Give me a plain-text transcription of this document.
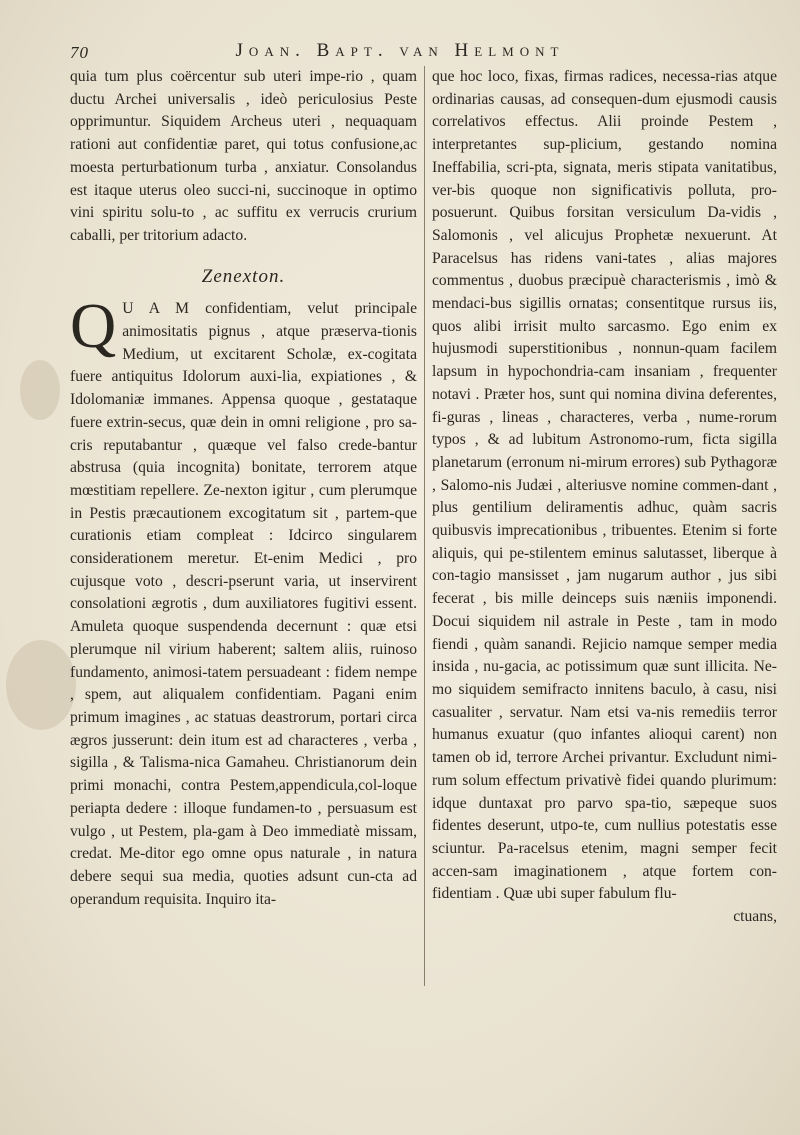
70	Joan. Bapt. van Helmont

quia tum plus coërcentur sub uteri impe-rio , quam ductu Archei universalis , ideò periculosius Peste opprimuntur. Siquidem Archeus uteri , nequaquam rationi aut confidentiæ paret, qui totus confusione,ac moesta perturbationum turba , anxiatur. Consolandus est itaque uterus oleo succi-ni, succinoque in optimo vini spiritu solu-to , ac suffitu ex verrucis crurium caballi, per tritorium adacto.

Zenexton.

Q U A M confidentiam, velut principale animositatis pignus , atque præserva-tionis Medium, ut excitarent Scholæ, ex-cogitata fuere antiquitus Idolorum auxi-lia, expiationes , & Idolomaniæ immanes. Appensa quoque , gestataque fuere extrin-secus, quæ dein in omni religione , pro sa-cris reputabantur , quæque vel falso crede-bantur abstrusa (quia incognita) bonitate, terrorem atque mœstitiam repellere. Ze-nexton igitur , cum plerumque in Pestis præcautionem excogitatum sit , partem-que curationis etiam compleat : Idcirco singularem considerationem meretur. Et-enim Medici , pro cujusque voto , descri-pserunt varia, ut inservirent consolationi ægrotis , dum auxiliatores fugitivi essent. Amuleta quoque suspendenda decernunt : quæ etsi plerumque nil virium haberent; saltem aliis, ruinoso fundamento, animosi-tatem persuadeant : fidem nempe , spem, aut aliqualem confidentiam. Pagani enim primum imagines , ac statuas deastrorum, portari circa ægros jusserunt: dein itum est ad characteres , verba , sigilla , & Talisma-nica Gamaheu. Christianorum dein primi monachi, contra Pestem,appendicula,col-loque periapta dedere : illoque fundamen-to , persuasum est vulgo , ut Pestem, pla-gam à Deo immediatè missam, credat. Me-ditor ego omne opus naturale , in natura debere sequi sua media, quoties adsunt cun-cta ad operandum requisita. Inquiro ita-

que hoc loco, fixas, firmas radices, necessa-rias atque ordinarias causas, ad consequen-dum ejusmodi causis correlativos effectus. Alii proinde Pestem , interpretantes sup-plicium, gestando nomina Ineffabilia, scri-pta, signata, meris stipata vanitatibus, ver-bis quoque non significativis polluta, pro-posuerunt. Quibus forsitan versiculum Da-vidis , Salomonis , vel alicujus Prophetæ nexuerunt. At Paracelsus has ridens vani-tates , alias majores commentus , duobus præcipuè characterismis , imò & mendaci-bus sigillis ornatas; consentitque rursus iis, quos alibi irrisit multo sarcasmo. Ego enim ex hujusmodi superstitionibus , nonnun-quam facilem lapsum in hypochondria-cam insaniam , frequenter notavi . Præter hos, sunt qui nomina divina deferentes, fi-guras , lineas , characteres, verba , nume-rorum typos , & ad lubitum Astronomo-rum, ficta sigilla planetarum (erronum ni-mirum errores) sub Pythagoræ , Salomo-nis Judæi , alteriusve nomine commen-dant , plus gentilium deliramentis adhuc, quàm sacris quibusvis imprecationibus , tribuentes. Etenim si forte aliquis, qui pe-stilentem eminus salutasset, liberque à con-tagio mansisset , jam nugarum author , jus sibi fecerat , bis mille deinceps suis næniis imponendi. Docui siquidem nil astrale in Peste , tam in modo fiendi , quàm sanandi. Rejicio namque semper media insida , nu-gacia, ac potissimum quæ sunt illicita. Ne-mo siquidem semifracto innitens baculo, à casu, nisi casualiter , servatur. Nam etsi va-nis remediis terror humanus exuatur (quo infantes alioqui carent) non tamen ob id, terrore Archei privantur. Excludunt nimi-rum solum effectum privativè fidei quando plurimum: idque duntaxat pro parvo spa-tio, sæpeque suos fidentes deserunt, utpo-te, cum nullius potestatis esse sciuntur. Pa-racelsus etenim, magni semper fecit accen-sam imaginationem , atque fortem con-fidentiam . Quæ ubi super fabulum flu-

ctuans,
